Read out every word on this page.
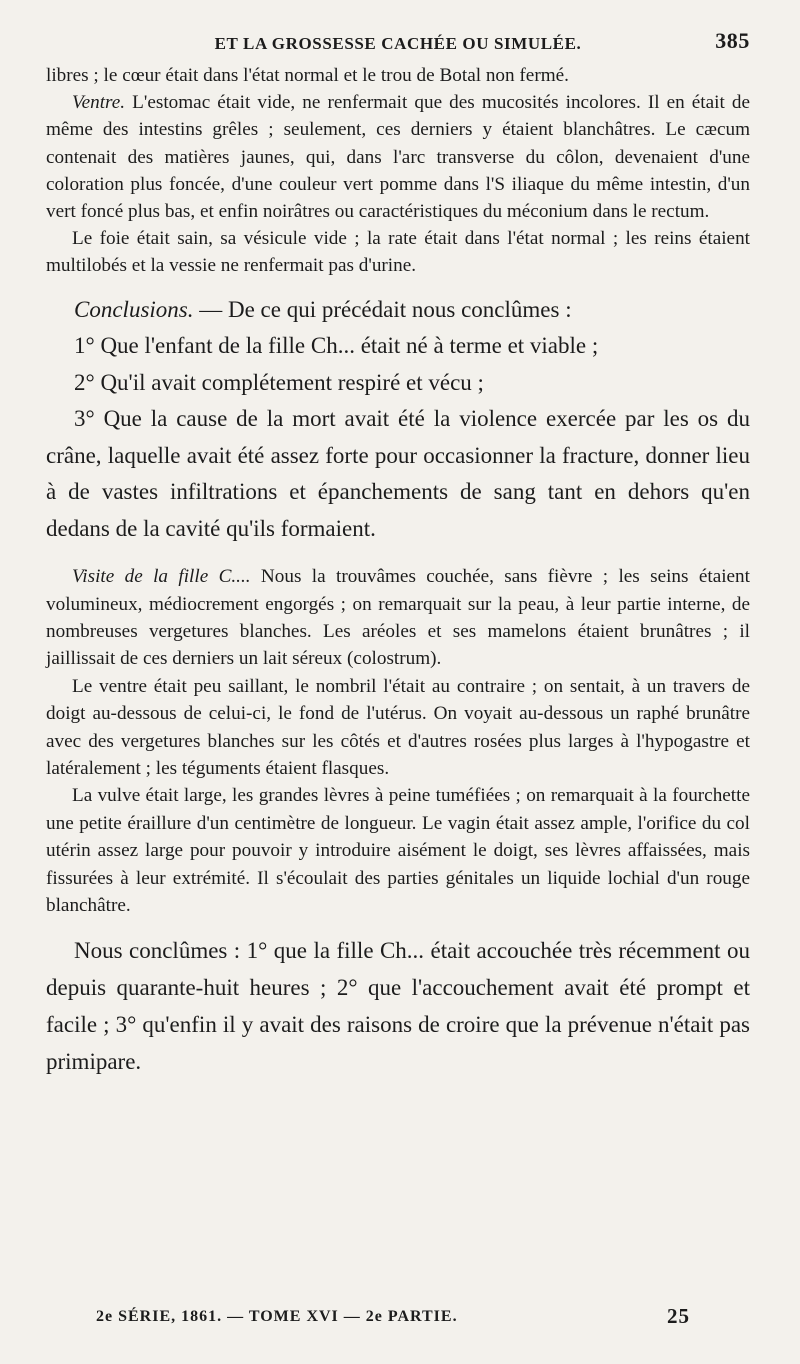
ET LA GROSSESSE CACHÉE OU SIMULÉE.	385

libres ; le cœur était dans l'état normal et le trou de Botal non fermé.

Ventre. L'estomac était vide, ne renfermait que des mucosités incolores. Il en était de même des intestins grêles ; seulement, ces derniers y étaient blanchâtres. Le cæcum contenait des matières jaunes, qui, dans l'arc transverse du côlon, devenaient d'une coloration plus foncée, d'une couleur vert pomme dans l'S iliaque du même intestin, d'un vert foncé plus bas, et enfin noirâtres ou caractéristiques du méconium dans le rectum.

Le foie était sain, sa vésicule vide ; la rate était dans l'état normal ; les reins étaient multilobés et la vessie ne renfermait pas d'urine.

Conclusions. — De ce qui précédait nous conclûmes :

1° Que l'enfant de la fille Ch... était né à terme et viable ;

2° Qu'il avait complétement respiré et vécu ;

3° Que la cause de la mort avait été la violence exercée par les os du crâne, laquelle avait été assez forte pour occasionner la fracture, donner lieu à de vastes infiltrations et épanchements de sang tant en dehors qu'en dedans de la cavité qu'ils formaient.

Visite de la fille C.... Nous la trouvâmes couchée, sans fièvre ; les seins étaient volumineux, médiocrement engorgés ; on remarquait sur la peau, à leur partie interne, de nombreuses vergetures blanches. Les aréoles et ses mamelons étaient brunâtres ; il jaillissait de ces derniers un lait séreux (colostrum).

Le ventre était peu saillant, le nombril l'était au contraire ; on sentait, à un travers de doigt au-dessous de celui-ci, le fond de l'utérus. On voyait au-dessous un raphé brunâtre avec des vergetures blanches sur les côtés et d'autres rosées plus larges à l'hypogastre et latéralement ; les téguments étaient flasques.

La vulve était large, les grandes lèvres à peine tuméfiées ; on remarquait à la fourchette une petite éraillure d'un centimètre de longueur. Le vagin était assez ample, l'orifice du col utérin assez large pour pouvoir y introduire aisément le doigt, ses lèvres affaissées, mais fissurées à leur extrémité. Il s'écoulait des parties génitales un liquide lochial d'un rouge blanchâtre.

Nous conclûmes : 1° que la fille Ch... était accouchée très récemment ou depuis quarante-huit heures ; 2° que l'accouchement avait été prompt et facile ; 3° qu'enfin il y avait des raisons de croire que la prévenue n'était pas primipare.

2e SÉRIE, 1861. — TOME XVI — 2e PARTIE.	25
